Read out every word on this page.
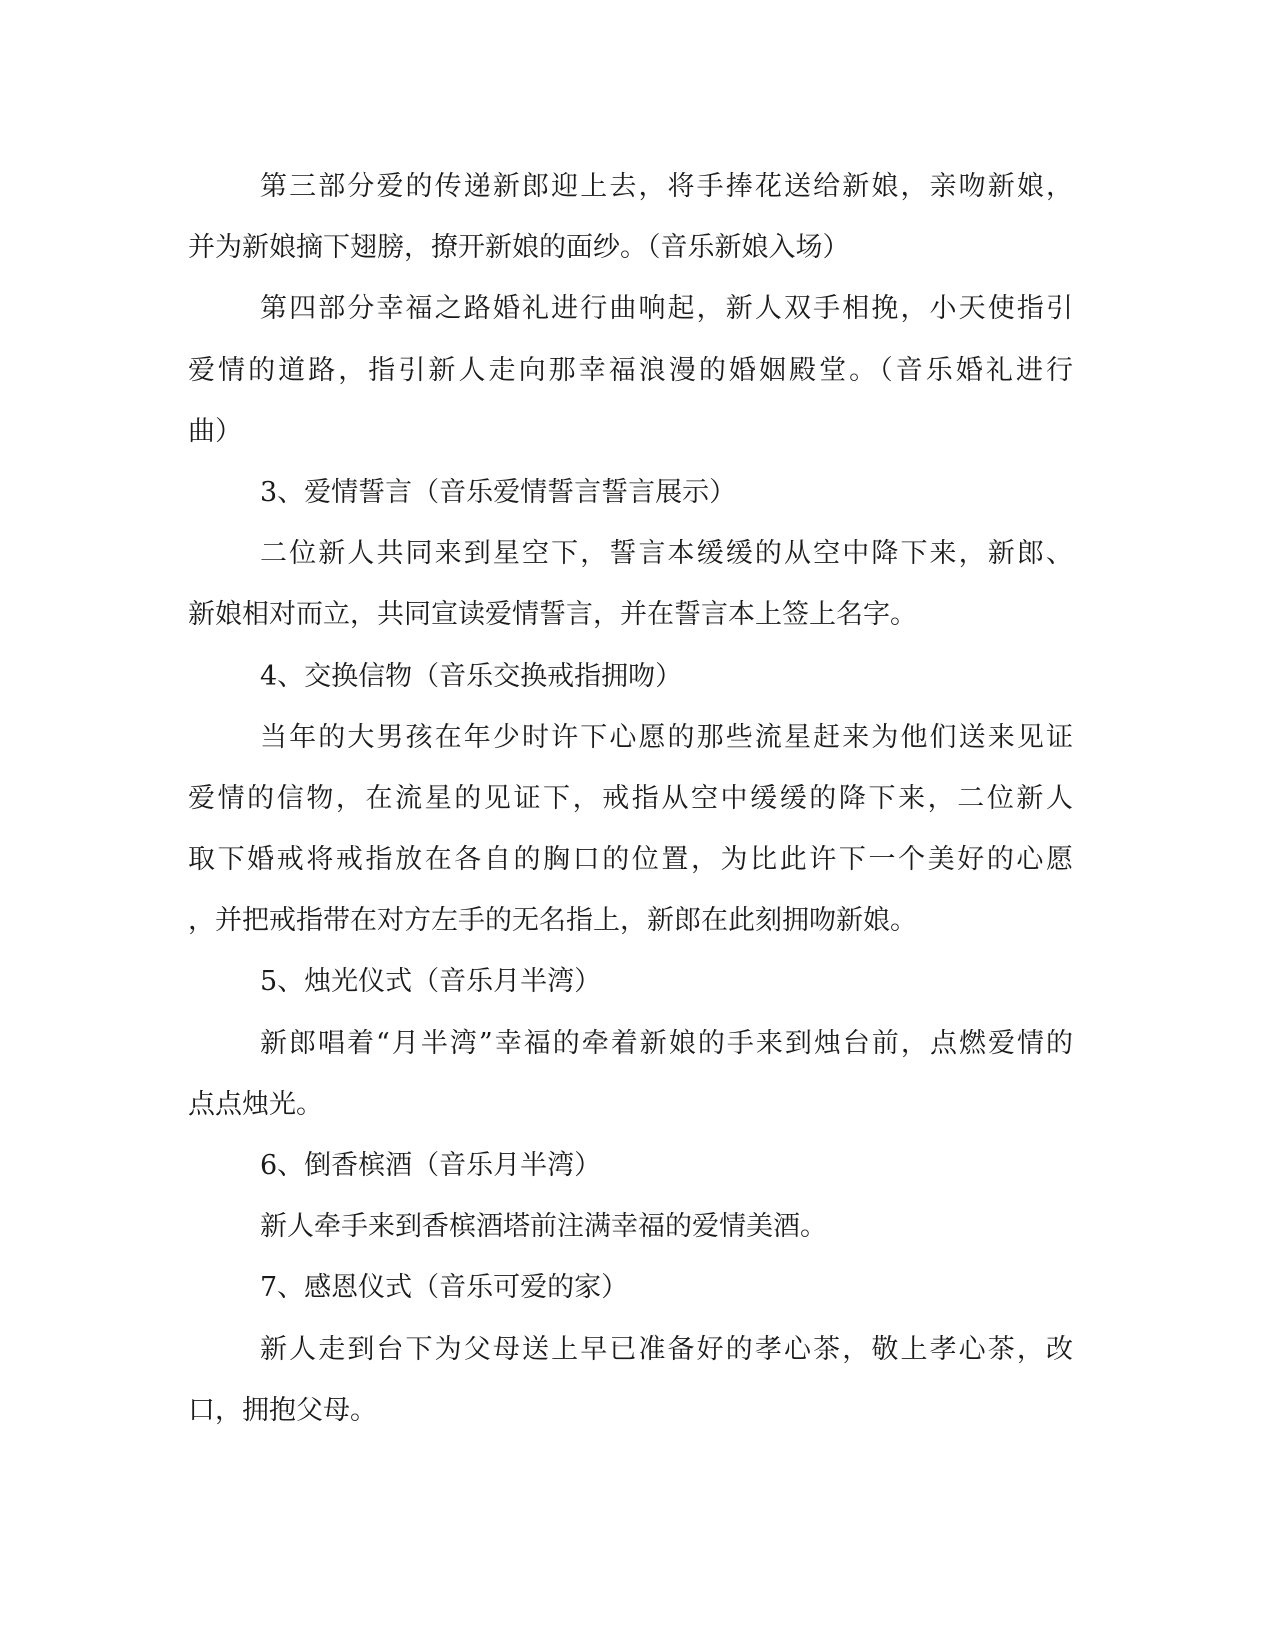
第三部分爱的传递新郎迎上去，将手捧花送给新娘，亲吻新娘，
并为新娘摘下翅膀，撩开新娘的面纱。（音乐新娘入场）
第四部分幸福之路婚礼进行曲响起，新人双手相挽，小天使指引
爱情的道路，指引新人走向那幸福浪漫的婚姻殿堂。（音乐婚礼进行
曲）
3、爱情誓言（音乐爱情誓言誓言展示）
二位新人共同来到星空下，誓言本缓缓的从空中降下来，新郎、
新娘相对而立，共同宣读爱情誓言，并在誓言本上签上名字。
4、交换信物（音乐交换戒指拥吻）
当年的大男孩在年少时许下心愿的那些流星赶来为他们送来见证
爱情的信物，在流星的见证下，戒指从空中缓缓的降下来，二位新人
取下婚戒将戒指放在各自的胸口的位置，为比此许下一个美好的心愿
，并把戒指带在对方左手的无名指上，新郎在此刻拥吻新娘。
5、烛光仪式（音乐月半湾）
新郎唱着“月半湾”幸福的牵着新娘的手来到烛台前，点燃爱情的
点点烛光。
6、倒香槟酒（音乐月半湾）
新人牵手来到香槟酒塔前注满幸福的爱情美酒。
7、感恩仪式（音乐可爱的家）
新人走到台下为父母送上早已准备好的孝心茶，敬上孝心茶，改
口，拥抱父母。
